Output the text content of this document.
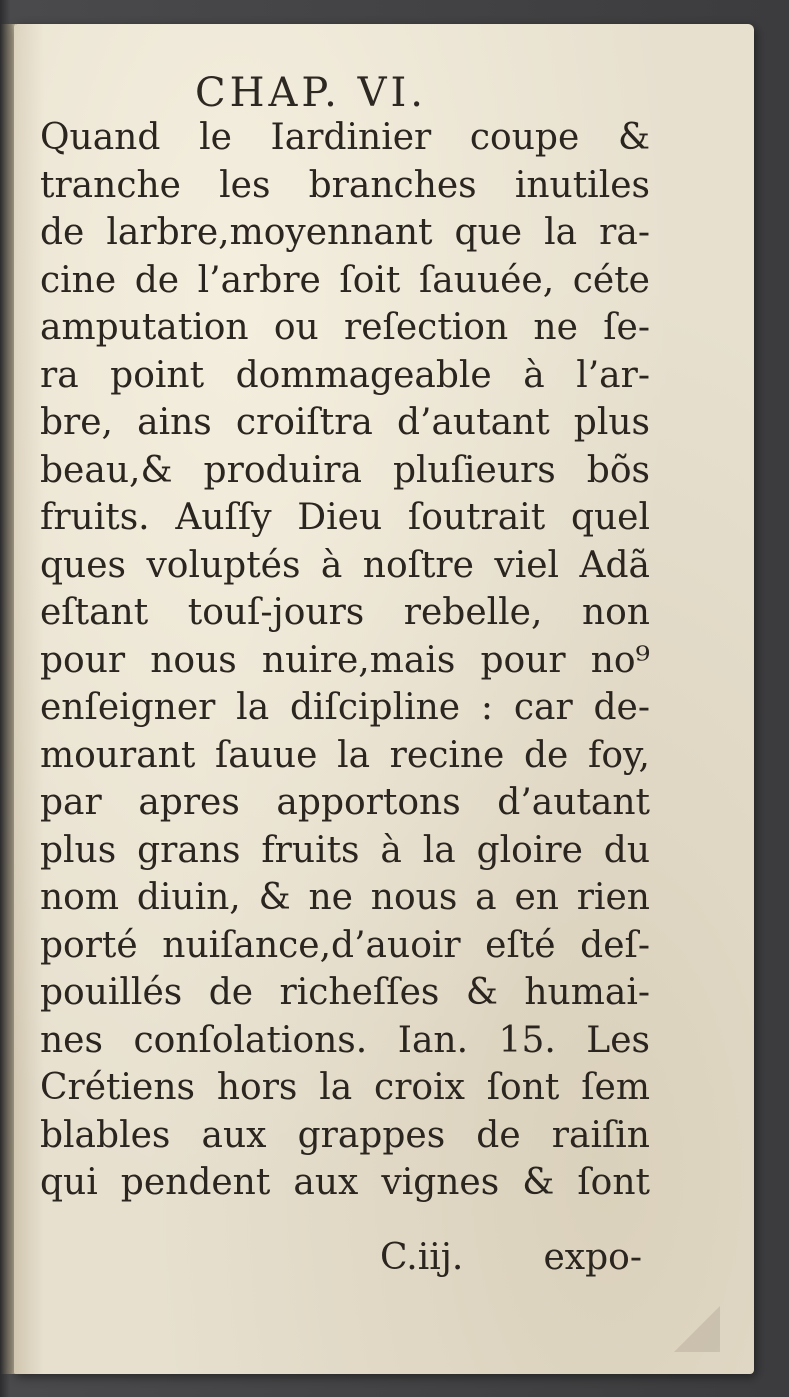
CHAP. VI.
Quand le Iardinier coupe &
tranche les branches inutiles
de larbre,moyennant que la ra-
cine de l’arbre ſoit ſauuée, céte
amputation ou reſection ne ſe-
ra point dommageable à l’ar-
bre, ains croiſtra d’autant plus
beau,& produira pluſieurs bõs
fruits. Auſſy Dieu ſoutrait quel
ques voluptés à noſtre viel Adã
eſtant touſ-jours rebelle, non
pour nous nuire,mais pour no⁹
enſeigner la diſcipline : car de-
mourant ſauue la recine de foy,
par apres apportons d’autant
plus grans fruits à la gloire du
nom diuin, & ne nous a en rien
porté nuiſance,d’auoir eſté deſ-
pouillés de richeſſes & humai-
nes conſolations. Ian. 15. Les
Crétiens hors la croix ſont ſem
blables aux grappes de raiſin
qui pendent aux vignes & ſont
C.iij. expo-
